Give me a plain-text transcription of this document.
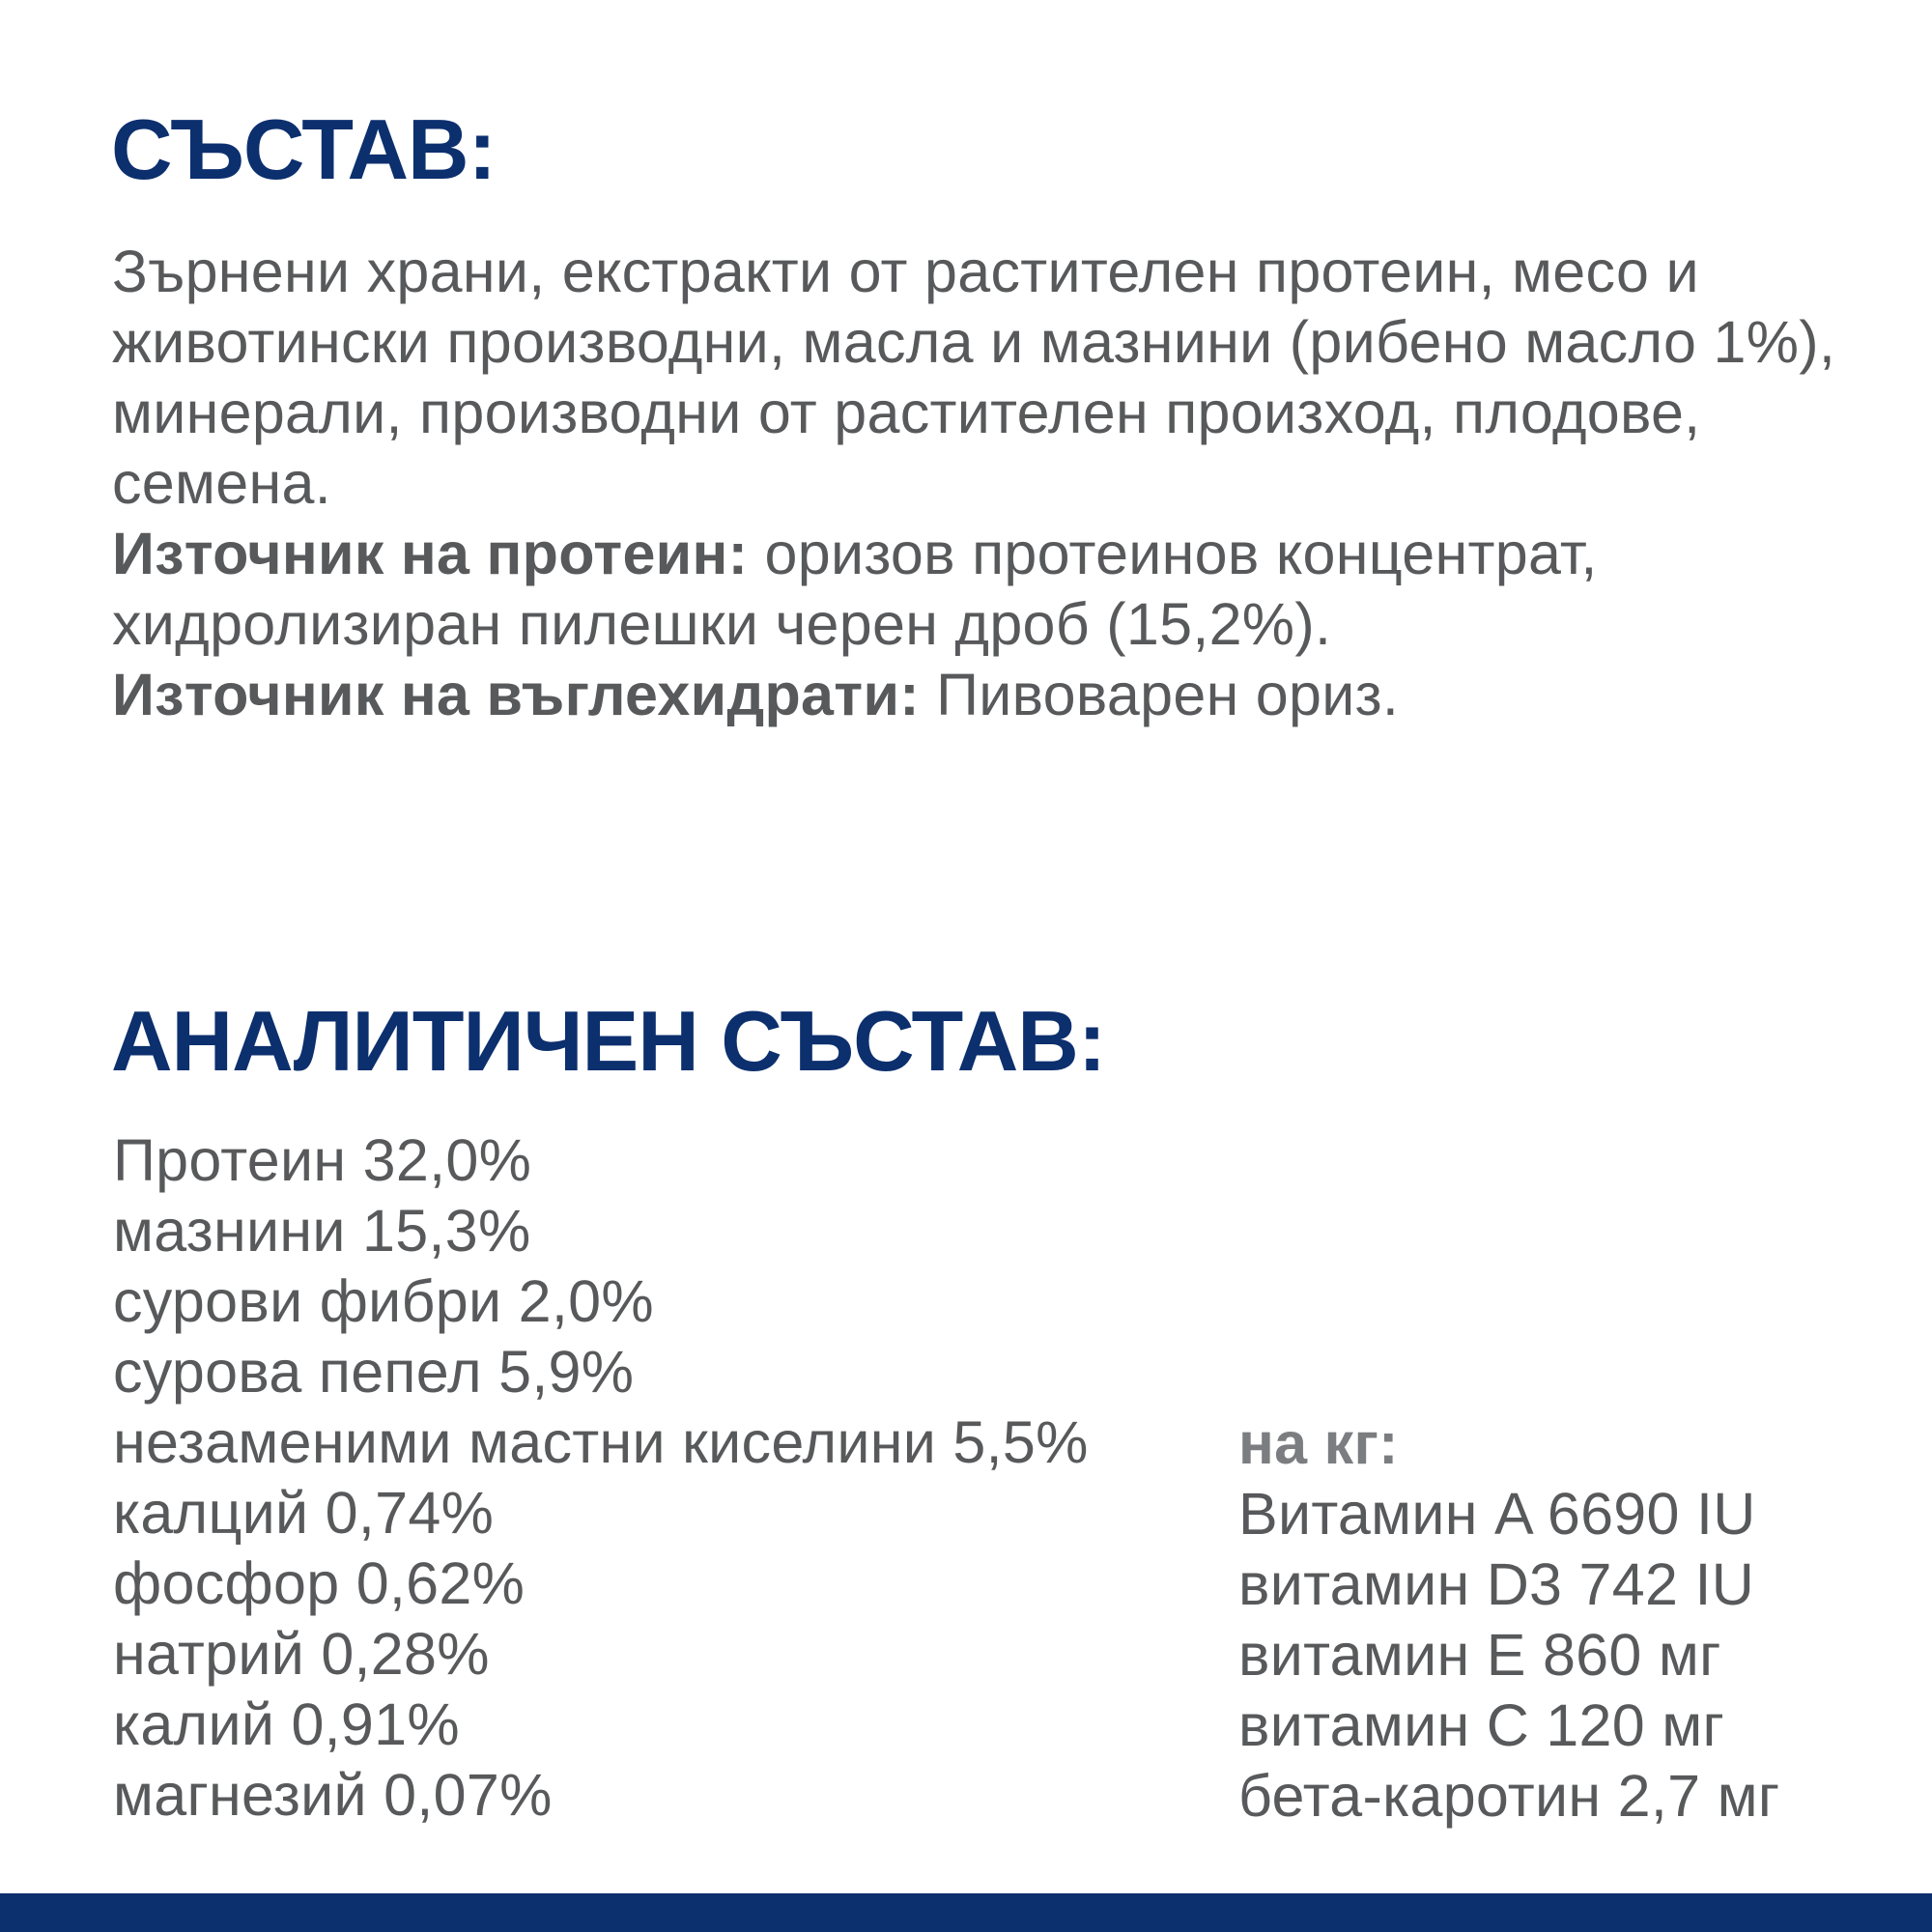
СЪСТАВ:

Зърнени храни, екстракти от растителен протеин, месо и животински производни, масла и мазнини (рибено масло 1%), минерали, производни от растителен произход, плодове, семена.

Източник на протеин: оризов протеинов концентрат, хидролизиран пилешки черен дроб (15,2%).

Източник на въглехидрати: Пивоварен ориз.

АНАЛИТИЧЕН СЪСТАВ:
Протеин 32,0%
мазнини 15,3%
сурови фибри 2,0%
сурова пепел 5,9%
незаменими мастни киселини 5,5%
калций 0,74%
фосфор 0,62%
натрий 0,28%
калий 0,91%
магнезий 0,07%
на кг:
Витамин A 6690 IU
витамин D3 742 IU
витамин E 860 мг
витамин C 120 мг
бета-каротин 2,7 мг
